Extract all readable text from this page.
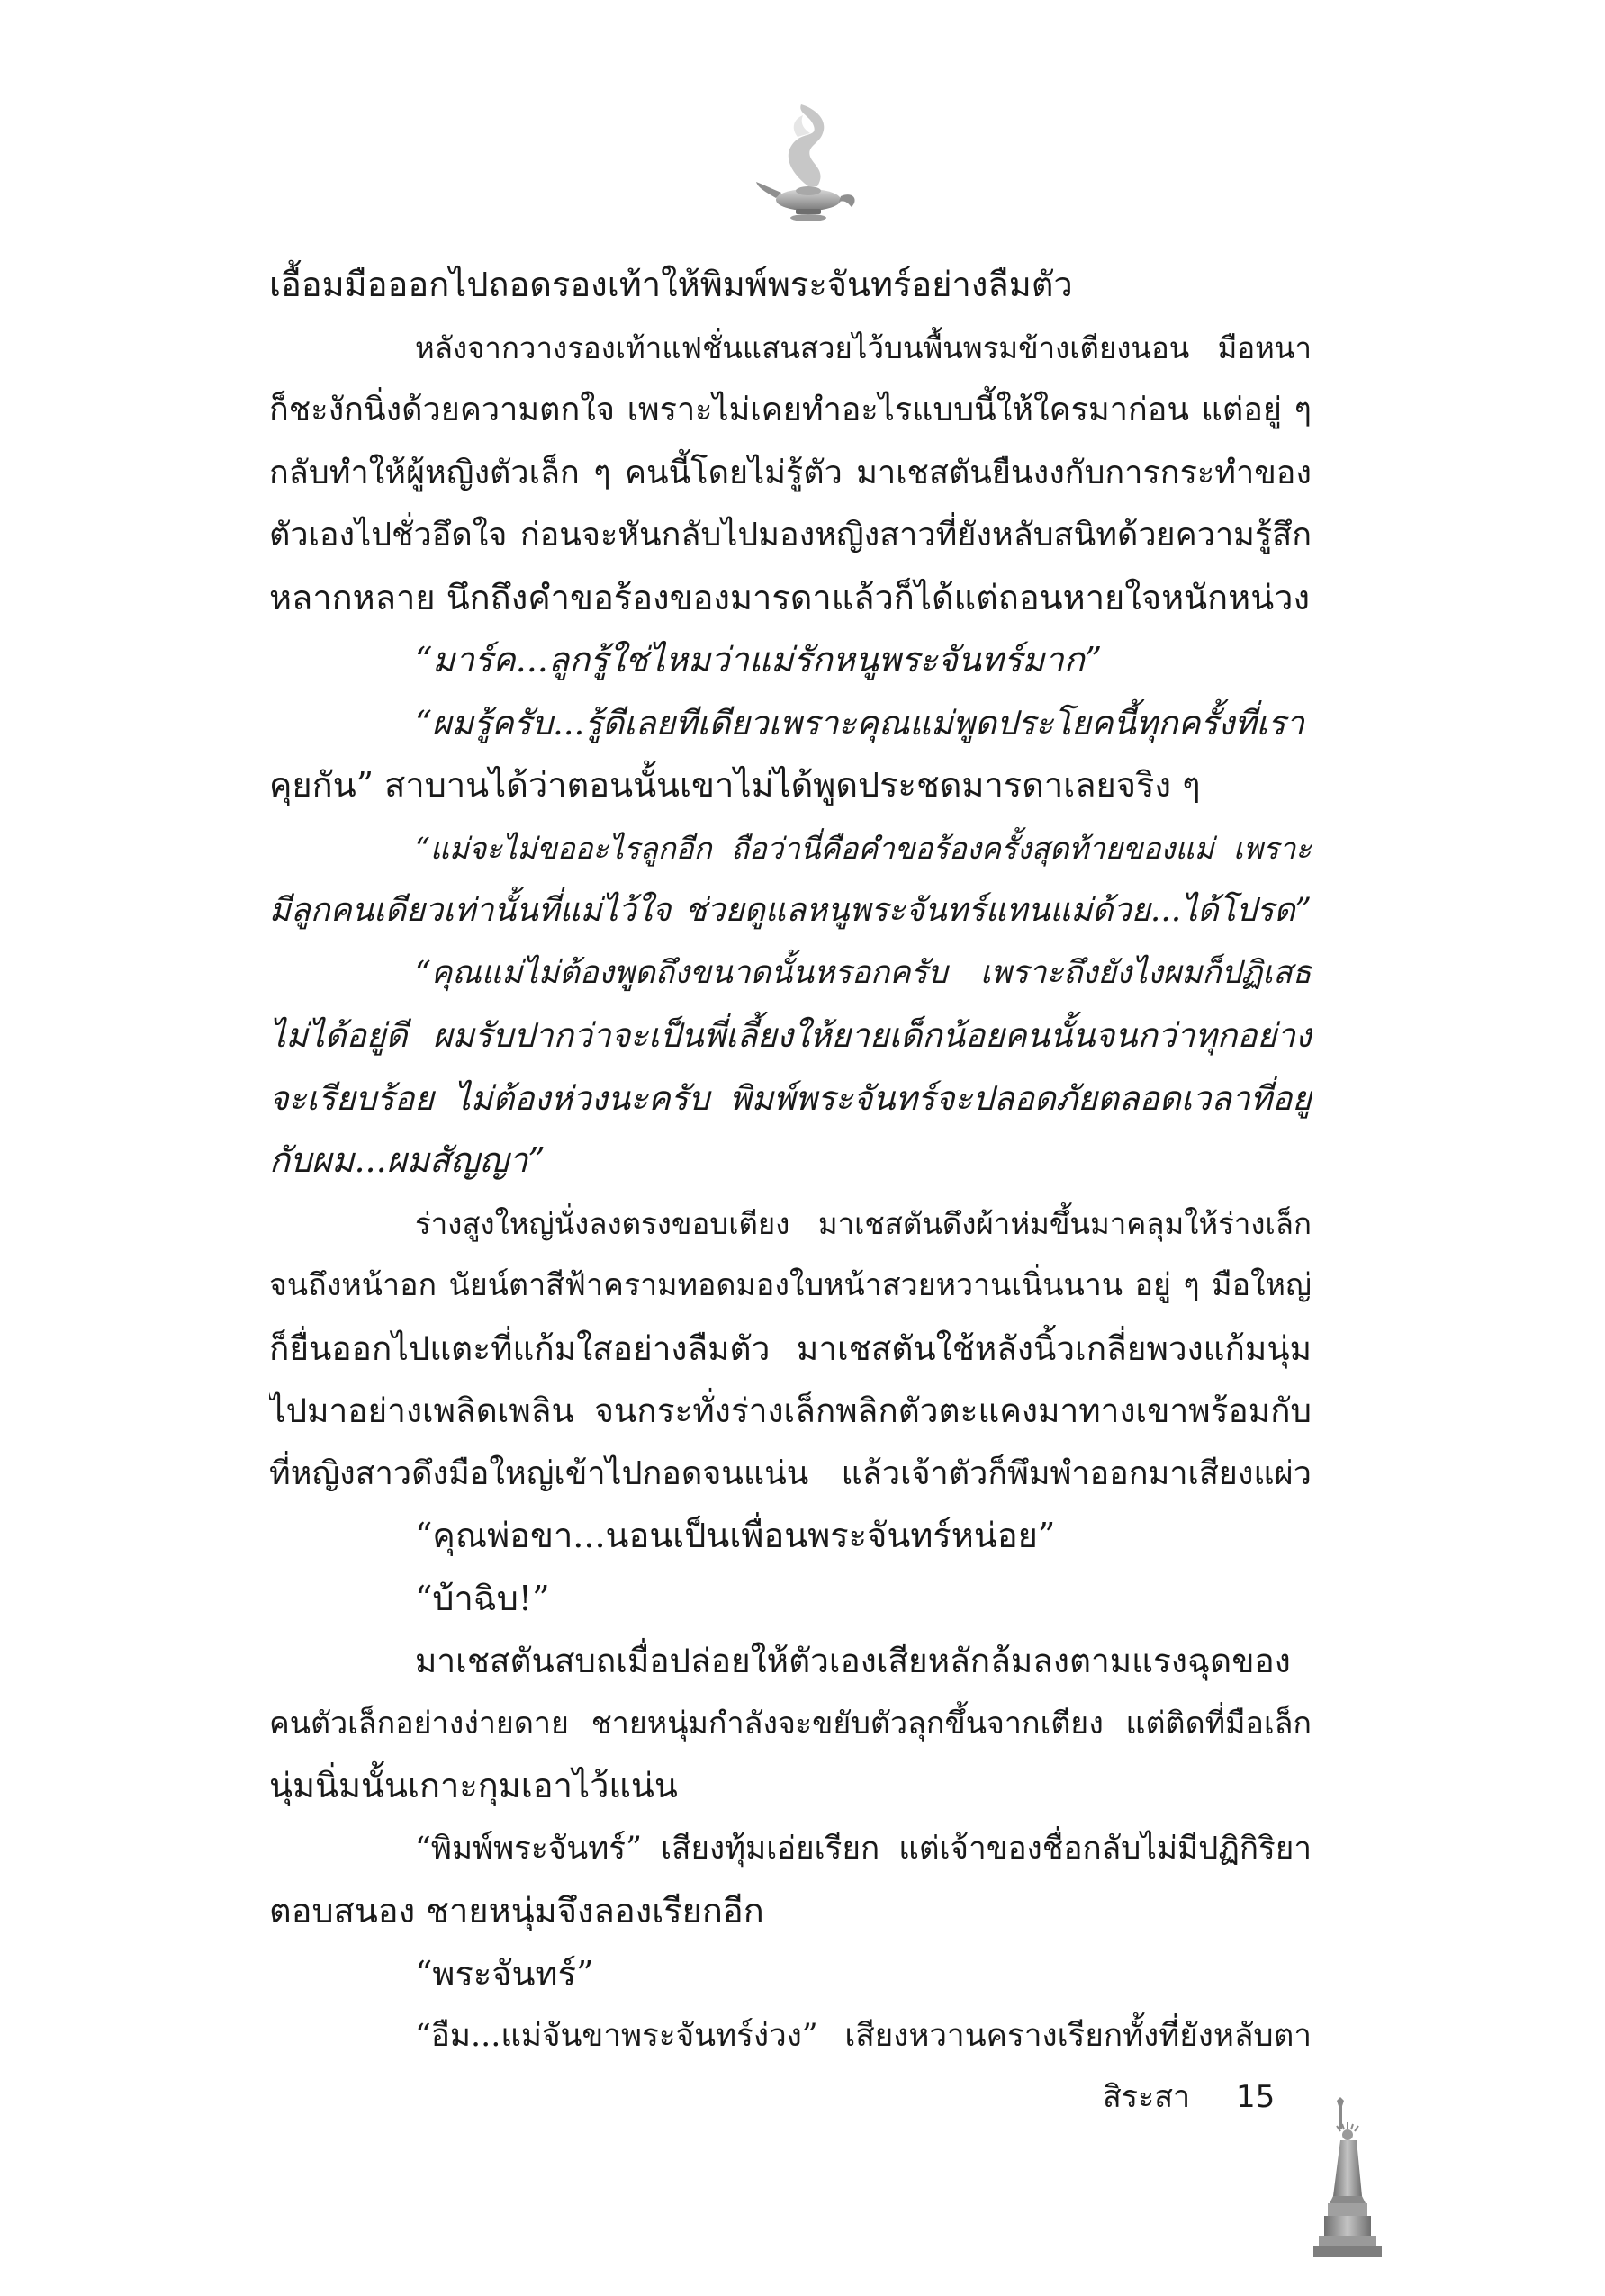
เอื้อมมือออกไปถอดรองเท้าให้พิมพ์พระจันทร์อย่างลืมตัว
หลังจากวางรองเท้าแฟชั่นแสนสวยไว้บนพื้นพรมข้างเตียงนอน มือหนา
ก็ชะงักนิ่งด้วยความตกใจ เพราะไม่เคยทำอะไรแบบนี้ให้ใครมาก่อน แต่อยู่ ๆ
กลับทำให้ผู้หญิงตัวเล็ก ๆ คนนี้โดยไม่รู้ตัว มาเชสตันยืนงงกับการกระทำของ
ตัวเองไปชั่วอึดใจ ก่อนจะหันกลับไปมองหญิงสาวที่ยังหลับสนิทด้วยความรู้สึก
หลากหลาย นึกถึงคำขอร้องของมารดาแล้วก็ได้แต่ถอนหายใจหนักหน่วง
“มาร์ค...ลูกรู้ใช่ไหมว่าแม่รักหนูพระจันทร์มาก”
“ผมรู้ครับ...รู้ดีเลยทีเดียวเพราะคุณแม่พูดประโยคนี้ทุกครั้งที่เรา
คุยกัน” สาบานได้ว่าตอนนั้นเขาไม่ได้พูดประชดมารดาเลยจริง ๆ
“แม่จะไม่ขออะไรลูกอีก ถือว่านี่คือคำขอร้องครั้งสุดท้ายของแม่ เพราะ
มีลูกคนเดียวเท่านั้นที่แม่ไว้ใจ ช่วยดูแลหนูพระจันทร์แทนแม่ด้วย...ได้โปรด”
“คุณแม่ไม่ต้องพูดถึงขนาดนั้นหรอกครับ เพราะถึงยังไงผมก็ปฏิเสธ
ไม่ได้อยู่ดี ผมรับปากว่าจะเป็นพี่เลี้ยงให้ยายเด็กน้อยคนนั้นจนกว่าทุกอย่าง
จะเรียบร้อย ไม่ต้องห่วงนะครับ พิมพ์พระจันทร์จะปลอดภัยตลอดเวลาที่อยู่
กับผม...ผมสัญญา”
ร่างสูงใหญ่นั่งลงตรงขอบเตียง มาเชสตันดึงผ้าห่มขึ้นมาคลุมให้ร่างเล็ก
จนถึงหน้าอก นัยน์ตาสีฟ้าครามทอดมองใบหน้าสวยหวานเนิ่นนาน อยู่ ๆ มือใหญ่
ก็ยื่นออกไปแตะที่แก้มใสอย่างลืมตัว มาเชสตันใช้หลังนิ้วเกลี่ยพวงแก้มนุ่ม
ไปมาอย่างเพลิดเพลิน จนกระทั่งร่างเล็กพลิกตัวตะแคงมาทางเขาพร้อมกับ
ที่หญิงสาวดึงมือใหญ่เข้าไปกอดจนแน่น แล้วเจ้าตัวก็พึมพำออกมาเสียงแผ่ว
“คุณพ่อขา...นอนเป็นเพื่อนพระจันทร์หน่อย”
“บ้าฉิบ!”
มาเชสตันสบถเมื่อปล่อยให้ตัวเองเสียหลักล้มลงตามแรงฉุดของ
คนตัวเล็กอย่างง่ายดาย ชายหนุ่มกำลังจะขยับตัวลุกขึ้นจากเตียง แต่ติดที่มือเล็ก
นุ่มนิ่มนั้นเกาะกุมเอาไว้แน่น
“พิมพ์พระจันทร์” เสียงทุ้มเอ่ยเรียก แต่เจ้าของชื่อกลับไม่มีปฏิกิริยา
ตอบสนอง ชายหนุ่มจึงลองเรียกอีก
“พระจันทร์”
“อืม...แม่จันขาพระจันทร์ง่วง” เสียงหวานครางเรียกทั้งที่ยังหลับตา
สิระสา 15
